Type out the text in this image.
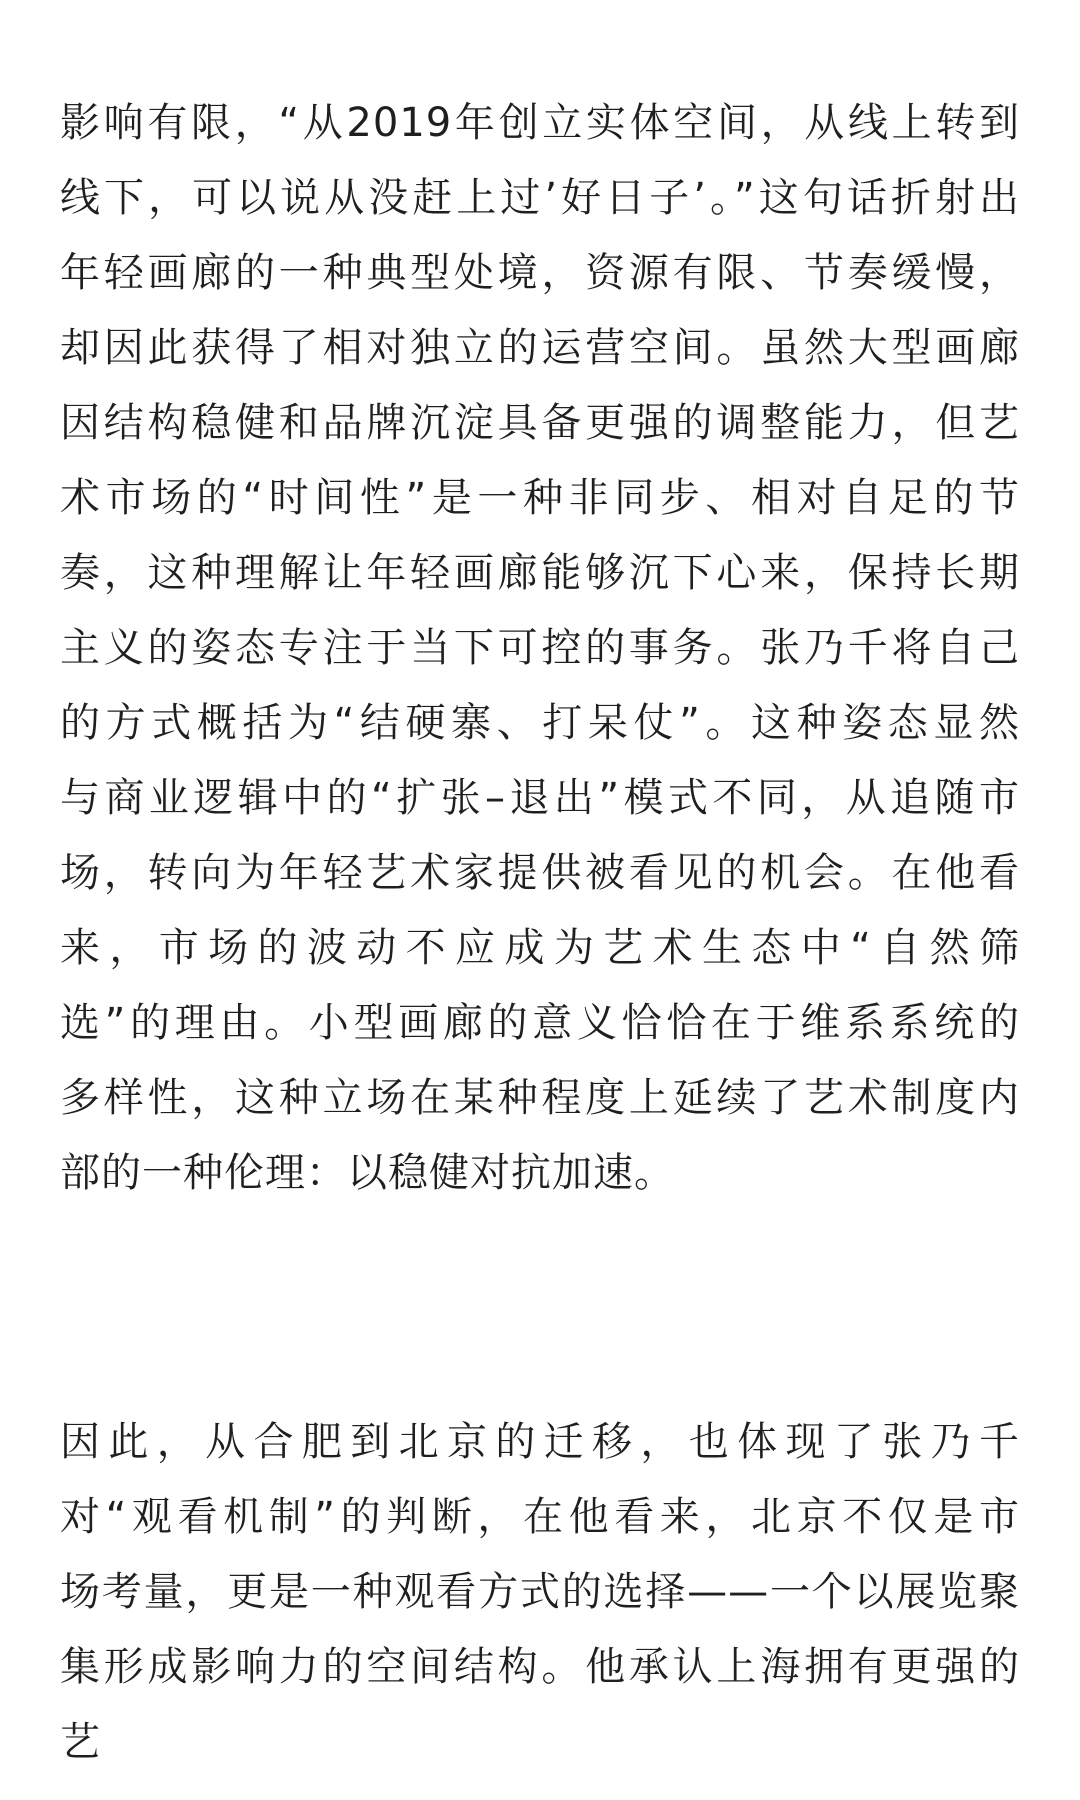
影响有限，“从2019年创立实体空间，从线上转到
线下，可以说从没赶上过’好日子’。”这句话折射出
年轻画廊的一种典型处境，资源有限、节奏缓慢，
却因此获得了相对独立的运营空间。虽然大型画廊
因结构稳健和品牌沉淀具备更强的调整能力，但艺
术市场的“时间性”是一种非同步、相对自足的节
奏，这种理解让年轻画廊能够沉下心来，保持长期
主义的姿态专注于当下可控的事务。张乃千将自己
的方式概括为“结硬寨、打呆仗”。这种姿态显然
与商业逻辑中的“扩张–退出”模式不同，从追随市
场，转向为年轻艺术家提供被看见的机会。在他看
来，市场的波动不应成为艺术生态中“自然筛
选”的理由。小型画廊的意义恰恰在于维系系统的
多样性，这种立场在某种程度上延续了艺术制度内
部的一种伦理：以稳健对抗加速。
因此，从合肥到北京的迁移，也体现了张乃千
对“观看机制”的判断，在他看来，北京不仅是市
场考量，更是一种观看方式的选择——一个以展览聚
集形成影响力的空间结构。他承认上海拥有更强的
艺
